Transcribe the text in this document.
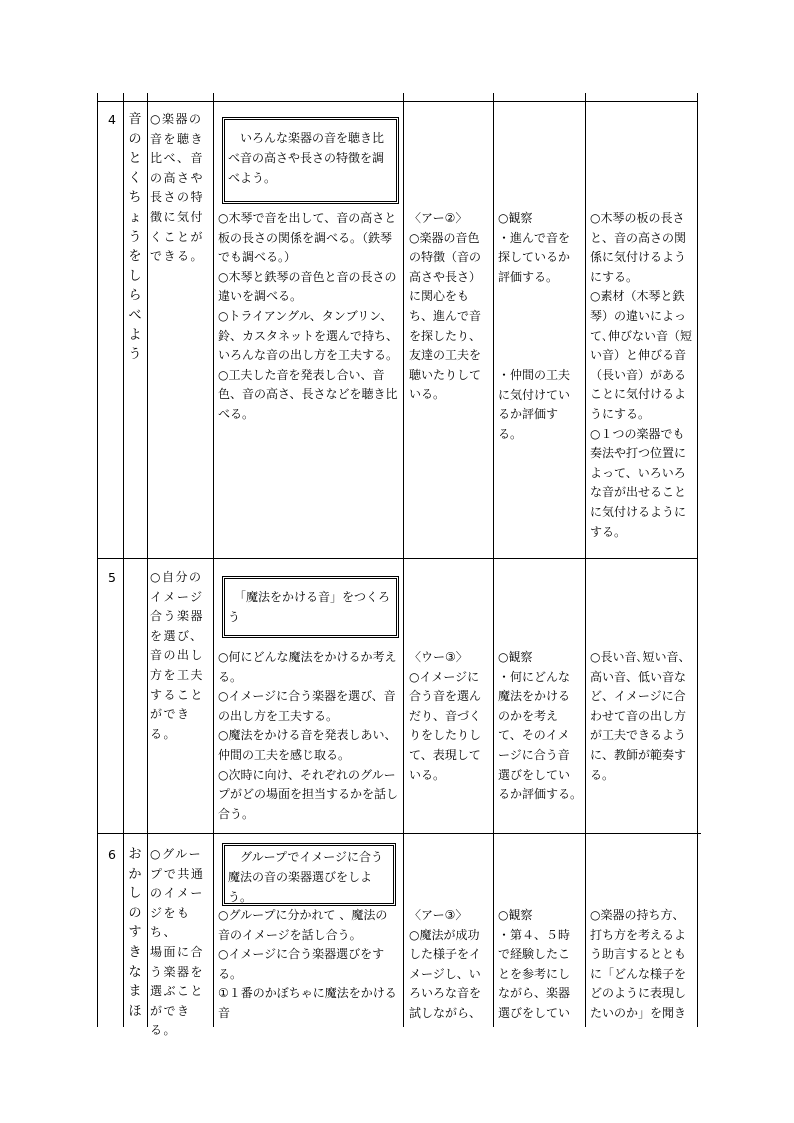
4 音
の
と
く
ち
ょ
う
を
し
ら
べ
よ
う
○楽器の
音を聴き
比べ、音
の高さや
長さの特
徴に気付
くことが
できる。
　いろんな楽器の音を聴き比べ音の高さや長さの特徴を調べよう。
○木琴で音を出して、音の高さと板の長さの関係を調べる。（鉄琴でも調べる。）
○木琴と鉄琴の音色と音の長さの違いを調べる。
○トライアングル、タンブリン、鈴、カスタネットを選んで持ち、いろんな音の出し方を工夫する。
○工夫した音を発表し合い、音色、音の高さ、長さなどを聴き比べる。
〈アー②〉
○楽器の音色の特徴（音の高さや長さ）に関心をもち、進んで音を探したり、友達の工夫を聴いたりしている。
○観察
・進んで音を
探しているか
評価する。
・仲間の工夫
に気付けてい
るか評価す
る。
○木琴の板の長さと、音の高さの関係に気付けるようにする。
○素材（木琴と鉄琴）の違いによって､伸びない音（短い音）と伸びる音（長い音）があることに気付けるようにする。
○１つの楽器でも奏法や打つ位置によって、いろいろな音が出せることに気付けるようにする。
5	○自分の
イメージ
合う楽器
を選び、
音の出し
方を工夫
すること
ができる。
　「魔法をかける音」をつくろう
○何にどんな魔法をかけるか考える。
○イメージに合う楽器を選び、音の出し方を工夫する。
○魔法をかける音を発表しあい、仲間の工夫を感じ取る。
○次時に向け、それぞれのグループがどの場面を担当するかを話し合う。
〈ウー③〉
○イメージに合う音を選んだり、音づくりをしたりして、表現している。
○観察
・何にどんな
魔法をかける
のかを考え
て、そのイメ
ージに合う音
選びをしてい
るか評価する。
○長い音､短い音、高い音、低い音など、イメージに合わせて音の出し方が工夫できるように、教師が範奏する。
6 お
か
し
の
す
き
な
ま
ほ
○グルー
プで共通
のイメー
ジをもち、
場面に合
う楽器を
選ぶこと
ができる。
　グループでイメージに合う魔法の音の楽器選びをしよう。
○グループに分かれて 、魔法の音のイメージを話し合う。
○イメージに合う楽器選びをする。
①１番のかぼちゃに魔法をかける音
〈アー③〉
○魔法が成功した様子をイメージし、いろいろな音を試しながら、
○観察
・第４、５時
で経験したこ
とを参考にし
ながら、楽器
選びをしてい
○楽器の持ち方、打ち方を考えるよう助言するとともに「どんな様子をどのように表現したいのか」を聞き
